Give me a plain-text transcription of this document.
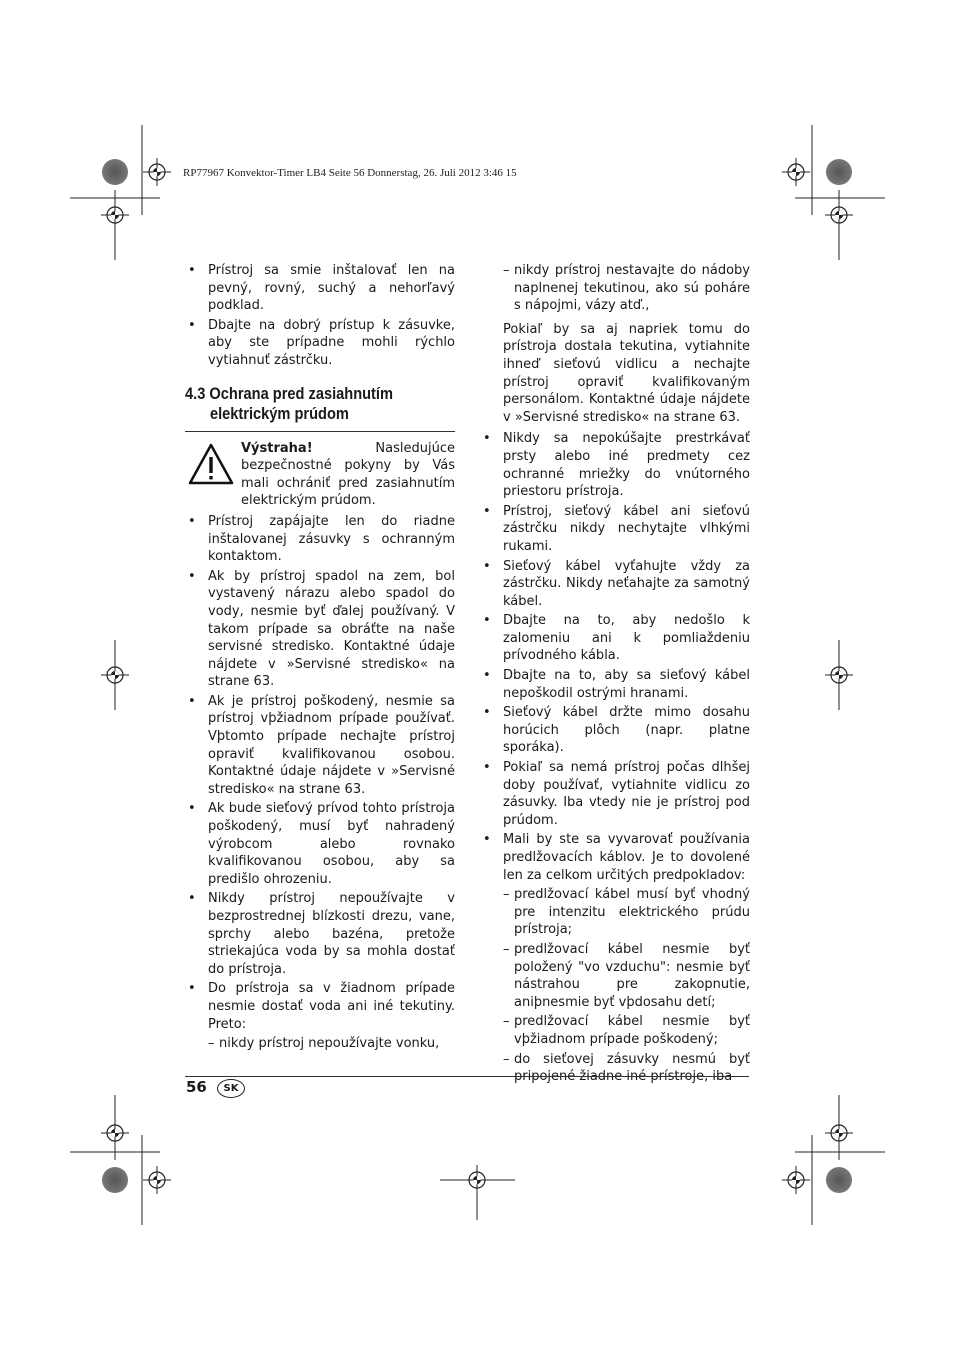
RP77967 Konvektor-Timer LB4 Seite 56 Donnerstag, 26. Juli 2012 3:46 15
• Prístroj sa smie inštalovať len na pevný, rovný, suchý a nehorľavý podklad.
• Dbajte na dobrý prístup k zásuvke, aby ste prípadne mohli rýchlo vytiahnuť zástrčku.
4.3 Ochrana pred zasiahnutím
elektrickým prúdom
Výstraha! Nasledujúce bezpečnostné pokyny by Vás mali ochrániť pred zasiahnutím elektrickým prúdom.
• Prístroj zapájajte len do riadne inštalovanej zásuvky s ochranným kontaktom.
• Ak by prístroj spadol na zem, bol vystavený nárazu alebo spadol do vody, nesmie byť ďalej používaný. V takom prípade sa obráťte na naše servisné stredisko. Kontaktné údaje nájdete v »Servisné stredisko« na strane 63.
• Ak je prístroj poškodený, nesmie sa prístroj vþžiadnom prípade používať. Vþtomto prípade nechajte prístroj opraviť kvalifikovanou osobou. Kontaktné údaje nájdete v »Servisné stredisko« na strane 63.
• Ak bude sieťový prívod tohto prístroja poškodený, musí byť nahradený výrobcom alebo rovnako kvalifikovanou osobou, aby sa predišlo ohrozeniu.
• Nikdy prístroj nepoužívajte v bezprostrednej blízkosti drezu, vane, sprchy alebo bazéna, pretože striekajúca voda by sa mohla dostať do prístroja.
• Do prístroja sa v žiadnom prípade nesmie dostať voda ani iné tekutiny. Preto:
– nikdy prístroj nepoužívajte vonku,
– nikdy prístroj nestavajte do nádoby naplnenej tekutinou, ako sú poháre s nápojmi, vázy atď.,
Pokiaľ by sa aj napriek tomu do prístroja dostala tekutina, vytiahnite ihneď sieťovú vidlicu a nechajte prístroj opraviť kvalifikovaným personálom. Kontaktné údaje nájdete v »Servisné stredisko« na strane 63.
• Nikdy sa nepokúšajte prestrkávať prsty alebo iné predmety cez ochranné mriežky do vnútorného priestoru prístroja.
• Prístroj, sieťový kábel ani sieťovú zástrčku nikdy nechytajte vlhkými rukami.
• Sieťový kábel vyťahujte vždy za zástrčku. Nikdy neťahajte za samotný kábel.
• Dbajte na to, aby nedošlo k zalomeniu ani k pomliaždeniu prívodného kábla.
• Dbajte na to, aby sa sieťový kábel nepoškodil ostrými hranami.
• Sieťový kábel držte mimo dosahu horúcich plôch (napr. platne sporáka).
• Pokiaľ sa nemá prístroj počas dlhšej doby používať, vytiahnite vidlicu zo zásuvky. Iba vtedy nie je prístroj pod prúdom.
• Mali by ste sa vyvarovať používania predlžovacích káblov. Je to dovolené len za celkom určitých predpokladov:
– predlžovací kábel musí byť vhodný pre intenzitu elektrického prúdu prístroja;
– predlžovací kábel nesmie byť položený "vo vzduchu": nesmie byť nástrahou pre zakopnutie, aniþnesmie byť vþdosahu detí;
– predlžovací kábel nesmie byť vþžiadnom prípade poškodený;
– do sieťovej zásuvky nesmú byť pripojené žiadne iné prístroje, iba
56	SK
